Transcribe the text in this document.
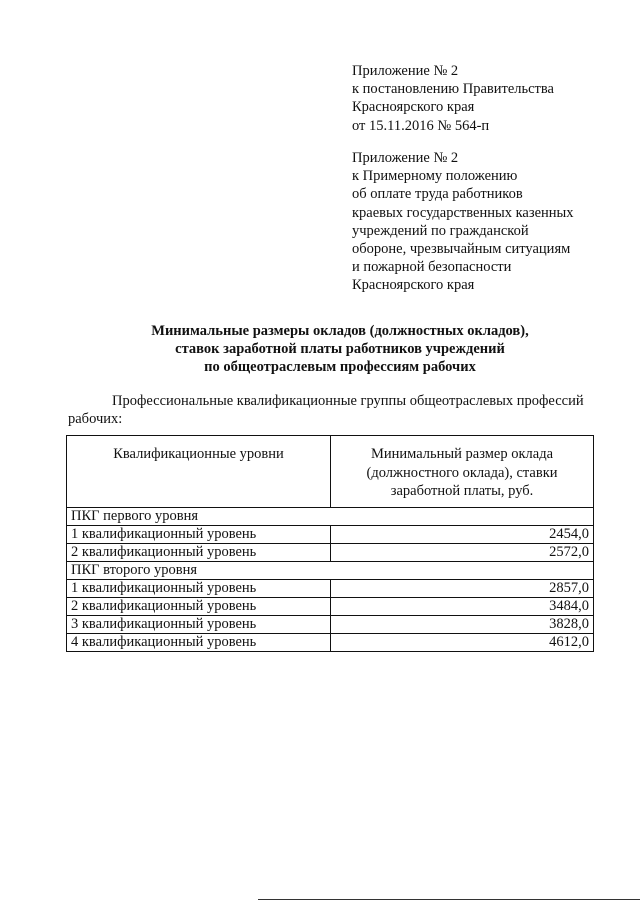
Приложение № 2
к постановлению Правительства
Красноярского края
от 15.11.2016 № 564-п
Приложение № 2
к Примерному положению
об оплате труда работников
краевых государственных казенных
учреждений по гражданской
обороне, чрезвычайным ситуациям
и пожарной безопасности
Красноярского края
Минимальные размеры окладов (должностных окладов),
ставок заработной платы работников учреждений
по общеотраслевым профессиям рабочих
Профессиональные квалификационные группы общеотраслевых профессий
рабочих:
Квалификационные уровни	Минимальный размер оклада
(должностного оклада), ставки
заработной платы, руб.

ПКГ первого уровня	
1 квалификационный уровень	2454,0
2 квалификационный уровень	2572,0
ПКГ второго уровня	
1 квалификационный уровень	2857,0
2 квалификационный уровень	3484,0
3 квалификационный уровень	3828,0
4 квалификационный уровень	4612,0
